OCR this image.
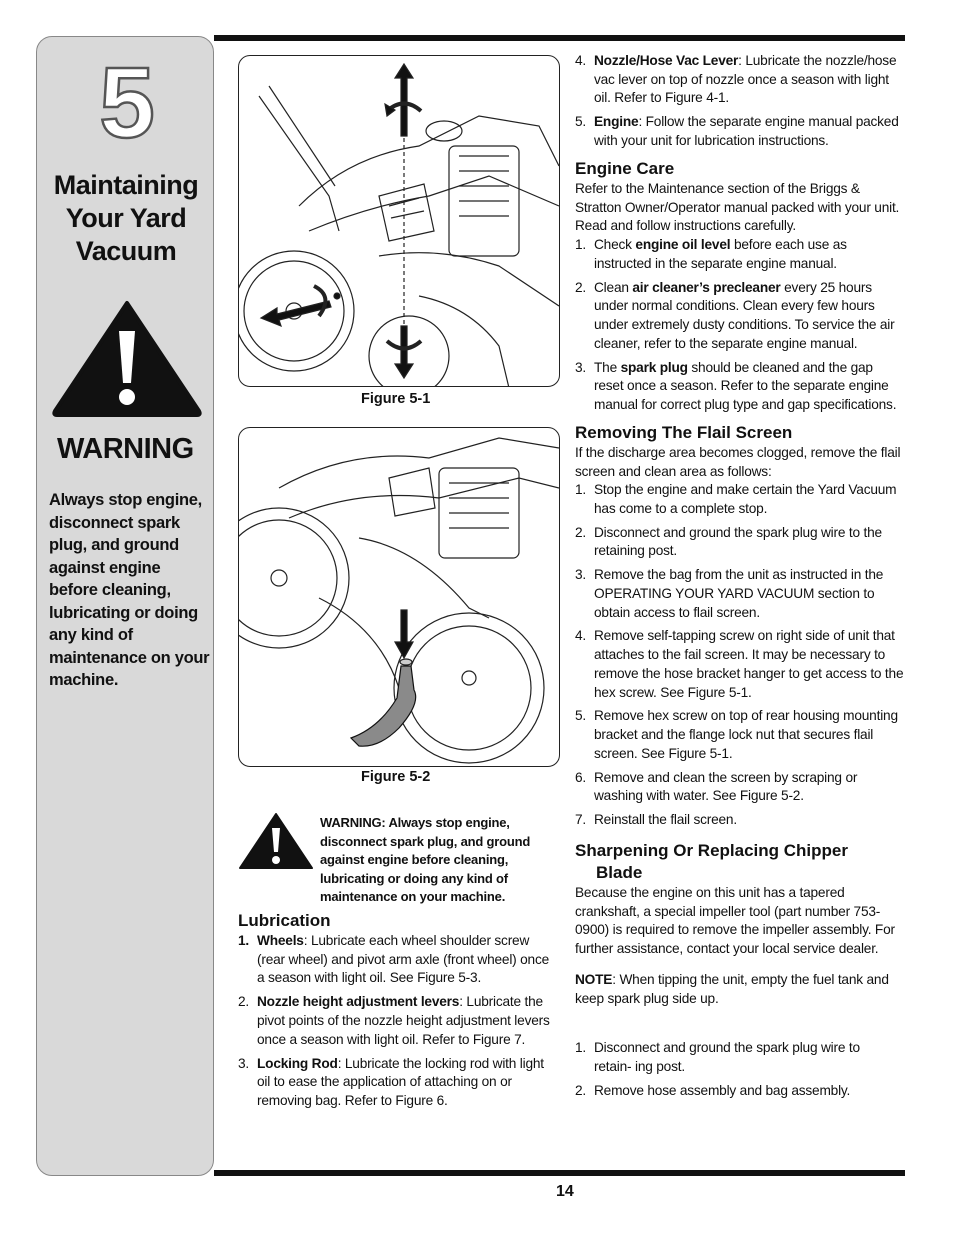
5
Maintaining
Your Yard
Vacuum
WARNING
Always stop engine, disconnect spark plug, and ground against engine before cleaning, lubricating or doing any kind of maintenance on your machine.
Figure 5-1
Figure 5-2
WARNING: Always stop engine, disconnect spark plug, and ground against engine before cleaning, lubricating or doing any kind of maintenance on your machine.
Lubrication
1. Wheels: Lubricate each wheel shoulder screw (rear wheel) and pivot arm axle (front wheel) once a season with light oil. See Figure 5-3.
2. Nozzle height adjustment levers: Lubricate the pivot points of the nozzle height adjustment levers once a season with light oil. Refer to Figure 7.
3. Locking Rod: Lubricate the locking rod with light oil to ease the application of attaching on or removing bag. Refer to Figure 6.
4. Nozzle/Hose Vac Lever: Lubricate the nozzle/hose vac lever on top of nozzle once a season with light oil. Refer to Figure 4-1.
5. Engine: Follow the separate engine manual packed with your unit for lubrication instructions.
Engine Care
Refer to the Maintenance section of the Briggs & Stratton Owner/Operator manual packed with your unit. Read and follow instructions carefully.
1. Check engine oil level before each use as instructed in the separate engine manual.
2. Clean air cleaner’s precleaner every 25 hours under normal conditions. Clean every few hours under extremely dusty conditions. To service the air cleaner, refer to the separate engine manual.
3. The spark plug should be cleaned and the gap reset once a season. Refer to the separate engine manual for correct plug type and gap specifications.
Removing The Flail Screen
If the discharge area becomes clogged, remove the flail screen and clean area as follows:
1. Stop the engine and make certain the Yard Vacuum has come to a complete stop.
2. Disconnect and ground the spark plug wire to the retaining post.
3. Remove the bag from the unit as instructed in the OPERATING YOUR YARD VACUUM section to obtain access to flail screen.
4. Remove self-tapping screw on right side of unit that attaches to the fail screen. It may be necessary to remove the hose bracket hanger to get access to the hex screw. See Figure 5-1.
5. Remove hex screw on top of rear housing mounting bracket and the flange lock nut that secures flail screen. See Figure 5-1.
6. Remove and clean the screen by scraping or washing with water. See Figure 5-2.
7. Reinstall the flail screen.
Sharpening Or Replacing Chipper
Blade
Because the engine on this unit has a tapered crankshaft, a special impeller tool (part number 753-0900) is required to remove the impeller assembly. For further assistance, contact your local service dealer.
NOTE: When tipping the unit, empty the fuel tank and keep spark plug side up.
1. Disconnect and ground the spark plug wire to retain- ing post.
2. Remove hose assembly and bag assembly.
14
